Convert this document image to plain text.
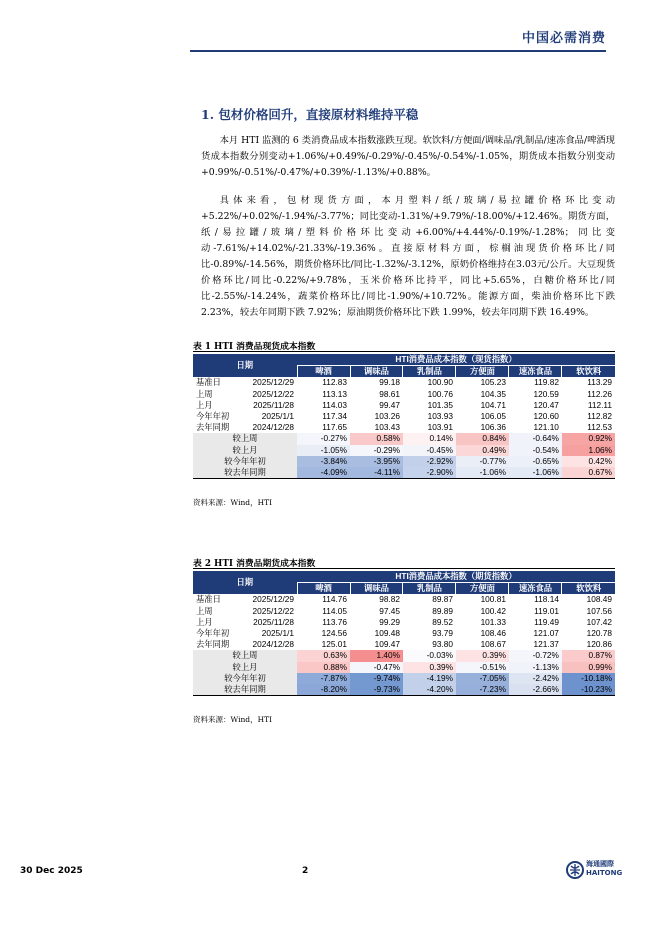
中国必需消费
1. 包材价格回升，直接原材料维持平稳
本月 HTI 监测的 6 类消费品成本指数涨跌互现。软饮料/方便面/调味品/乳制品/速冻食品/啤酒现货成本指数分别变动+1.06%/+0.49%/-0.29%/-0.45%/-0.54%/-1.05%，期货成本指数分别变动+0.99%/-0.51%/-0.47%/+0.39%/-1.13%/+0.88%。
具体来看，包材现货方面，本月塑料/纸/玻璃/易拉罐价格环比变动+5.22%/+0.02%/-1.94%/-3.77%；同比变动-1.31%/+9.79%/-18.00%/+12.46%。期货方面，纸/易拉罐/玻璃/塑料价格环比变动+6.00%/+4.44%/-0.19%/-1.28%；同比变动-7.61%/+14.02%/-21.33%/-19.36%。直接原材料方面，棕榈油现货价格环比/同比-0.89%/-14.56%，期货价格环比/同比-1.32%/-3.12%，原奶价格维持在3.03元/公斤。大豆现货价格环比/同比-0.22%/+9.78%，玉米价格环比持平，同比+5.65%，白糖价格环比/同比-2.55%/-14.24%，蔬菜价格环比/同比-1.90%/+10.72%。能源方面，柴油价格环比下跌 2.23%，较去年同期下跌 7.92%；原油期货价格环比下跌 1.99%，较去年同期下跌 16.49%。
表 1 HTI 消费品现货成本指数
日期		HTI消费品成本指数（现货指数）					
		啤酒	调味品	乳制品	方便面	速冻食品	软饮料
基准日	2025/12/29	112.83	99.18	100.90	105.23	119.82	113.29
上周	2025/12/22	113.13	98.61	100.76	104.35	120.59	112.26
上月	2025/11/28	114.03	99.47	101.35	104.71	120.47	112.11
今年年初	2025/1/1	117.34	103.26	103.93	106.05	120.60	112.82
去年同期	2024/12/28	117.65	103.43	103.91	106.36	121.10	112.53
较上周		-0.27%	0.58%	0.14%	0.84%	-0.64%	0.92%
较上月		-1.05%	-0.29%	-0.45%	0.49%	-0.54%	1.06%
较今年年初		-3.84%	-3.95%	-2.92%	-0.77%	-0.65%	0.42%
较去年同期		-4.09%	-4.11%	-2.90%	-1.06%	-1.06%	0.67%
资料来源：Wind，HTI
表 2 HTI 消费品期货成本指数
日期		HTI消费品成本指数（期货指数）					
		啤酒	调味品	乳制品	方便面	速冻食品	软饮料
基准日	2025/12/29	114.76	98.82	89.87	100.81	118.14	108.49
上周	2025/12/22	114.05	97.45	89.89	100.42	119.01	107.56
上月	2025/11/28	113.76	99.29	89.52	101.33	119.49	107.42
今年年初	2025/1/1	124.56	109.48	93.79	108.46	121.07	120.78
去年同期	2024/12/28	125.01	109.47	93.80	108.67	121.37	120.86
较上周		0.63%	1.40%	-0.03%	0.39%	-0.72%	0.87%
较上月		0.88%	-0.47%	0.39%	-0.51%	-1.13%	0.99%
较今年年初		-7.87%	-9.74%	-4.19%	-7.05%	-2.42%	-10.18%
较去年同期		-8.20%	-9.73%	-4.20%	-7.23%	-2.66%	-10.23%
资料来源：Wind，HTI
30 Dec 2025	2
海通國際
HAITONG
